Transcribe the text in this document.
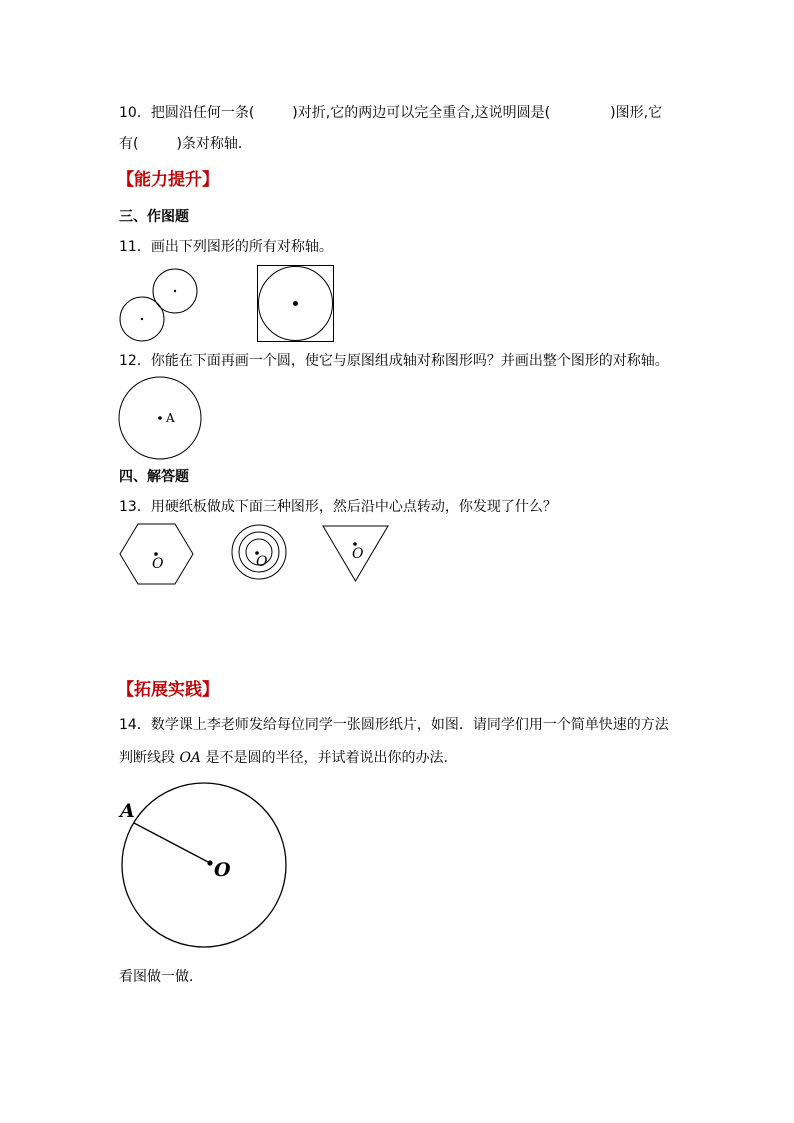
10．把圆沿任何一条(	)对折,它的两边可以完全重合,这说明圆是(	)图形,它
有(	)条对称轴．
【能力提升】
三、作图题
11．画出下列图形的所有对称轴。
12．你能在下面再画一个圆，使它与原图组成轴对称图形吗？并画出整个图形的对称轴。
A
四、解答题
13．用硬纸板做成下面三种图形，然后沿中心点转动，你发现了什么？
O	O	O
【拓展实践】
14．数学课上李老师发给每位同学一张圆形纸片，如图．请同学们用一个简单快速的方法
判断线段 OA 是不是圆的半径，并试着说出你的办法．
A
O
看图做一做．
